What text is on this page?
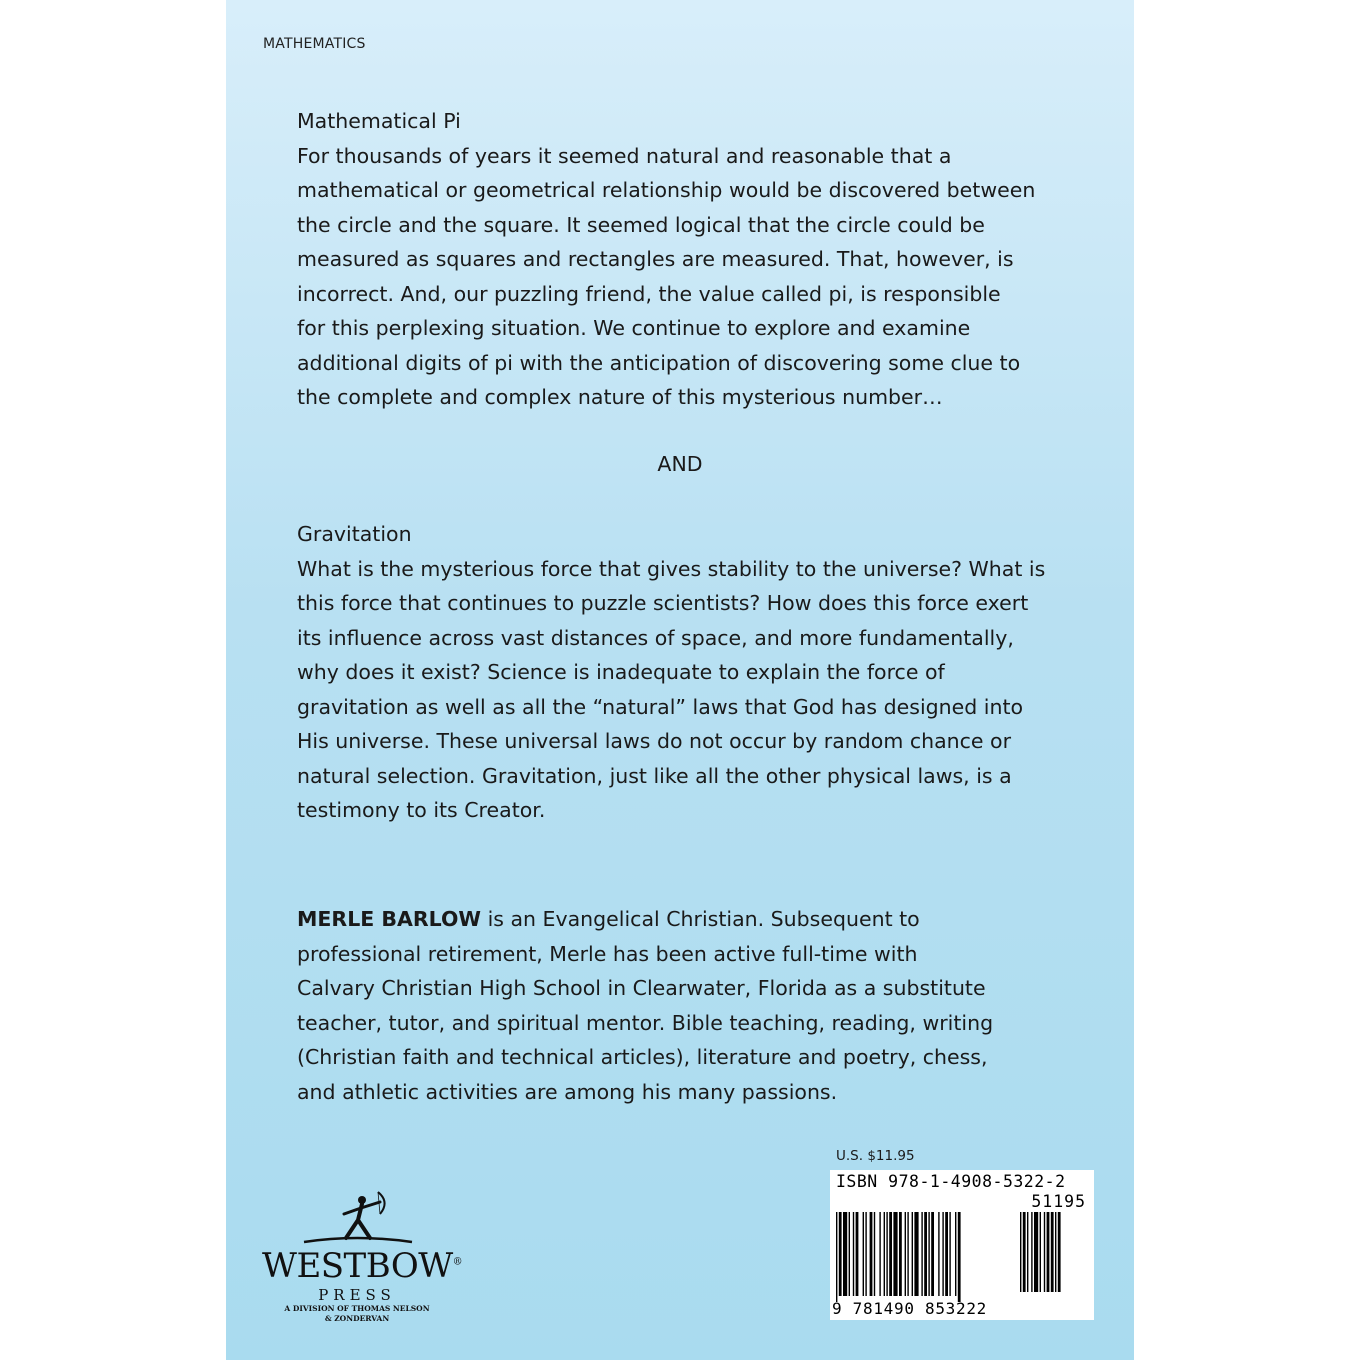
MATHEMATICS
Mathematical Pi
For thousands of years it seemed natural and reasonable that a
mathematical or geometrical relationship would be discovered between
the circle and the square. It seemed logical that the circle could be
measured as squares and rectangles are measured. That, however, is
incorrect. And, our puzzling friend, the value called pi, is responsible
for this perplexing situation. We continue to explore and examine
additional digits of pi with the anticipation of discovering some clue to
the complete and complex nature of this mysterious number…
AND
Gravitation
What is the mysterious force that gives stability to the universe? What is
this force that continues to puzzle scientists? How does this force exert
its influence across vast distances of space, and more fundamentally,
why does it exist? Science is inadequate to explain the force of
gravitation as well as all the “natural” laws that God has designed into
His universe. These universal laws do not occur by random chance or
natural selection. Gravitation, just like all the other physical laws, is a
testimony to its Creator.
MERLE BARLOW is an Evangelical Christian. Subsequent to
professional retirement, Merle has been active full-time with
Calvary Christian High School in Clearwater, Florida as a substitute
teacher, tutor, and spiritual mentor. Bible teaching, reading, writing
(Christian faith and technical articles), literature and poetry, chess,
and athletic activities are among his many passions.
WESTBOW®
PRESS
A DIVISION OF THOMAS NELSON
& ZONDERVAN
U.S. $11.95
ISBN 978-1-4908-5322-2
51195
9 781490 853222
